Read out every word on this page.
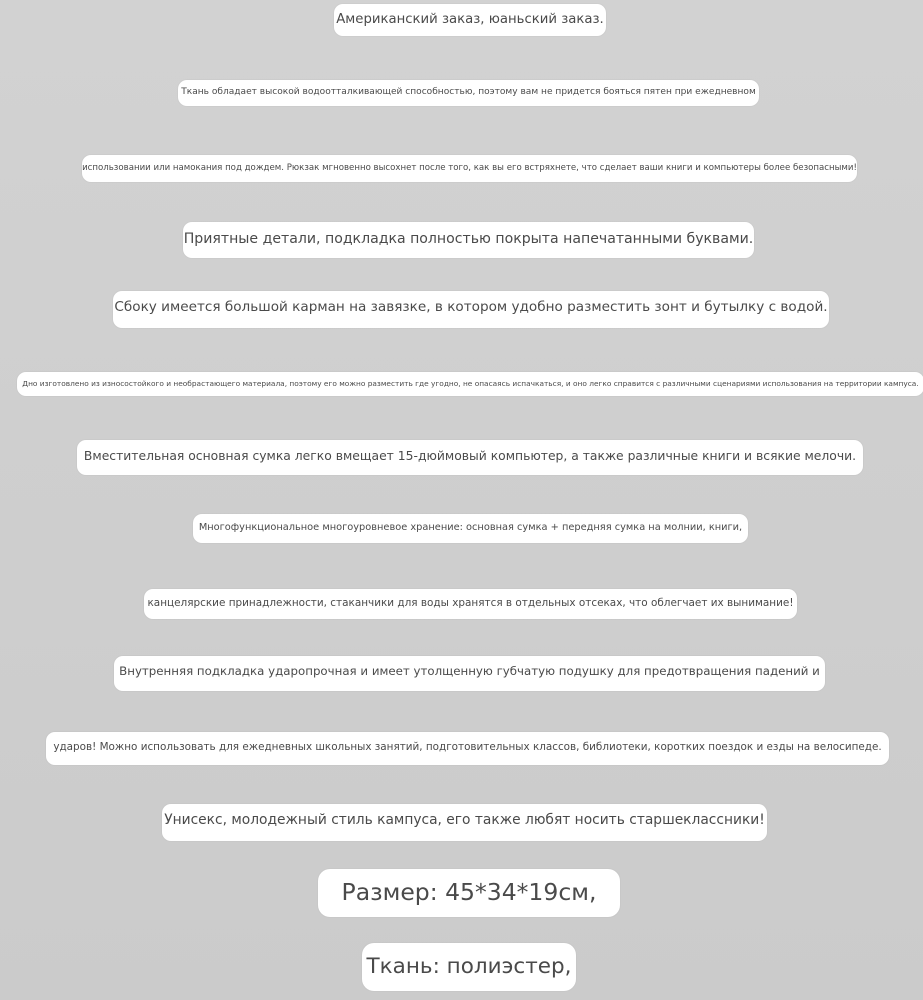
Американский заказ, юаньский заказ.
Ткань обладает высокой водоотталкивающей способностью, поэтому вам не придется бояться пятен при ежедневном
использовании или намокания под дождем. Рюкзак мгновенно высохнет после того, как вы его встряхнете, что сделает ваши книги и компьютеры более безопасными!
Приятные детали, подкладка полностью покрыта напечатанными буквами.
Сбоку имеется большой карман на завязке, в котором удобно разместить зонт и бутылку с водой.
Дно изготовлено из износостойкого и необрастающего материала, поэтому его можно разместить где угодно, не опасаясь испачкаться, и оно легко справится с различными сценариями использования на территории кампуса.
Вместительная основная сумка легко вмещает 15-дюймовый компьютер, а также различные книги и всякие мелочи.
Многофункциональное многоуровневое хранение: основная сумка + передняя сумка на молнии, книги,
канцелярские принадлежности, стаканчики для воды хранятся в отдельных отсеках, что облегчает их вынимание!
Внутренняя подкладка ударопрочная и имеет утолщенную губчатую подушку для предотвращения падений и
ударов! Можно использовать для ежедневных школьных занятий, подготовительных классов, библиотеки, коротких поездок и езды на велосипеде.
Унисекс, молодежный стиль кампуса, его также любят носить старшеклассники!
Размер: 45*34*19см,
Ткань: полиэстер,
